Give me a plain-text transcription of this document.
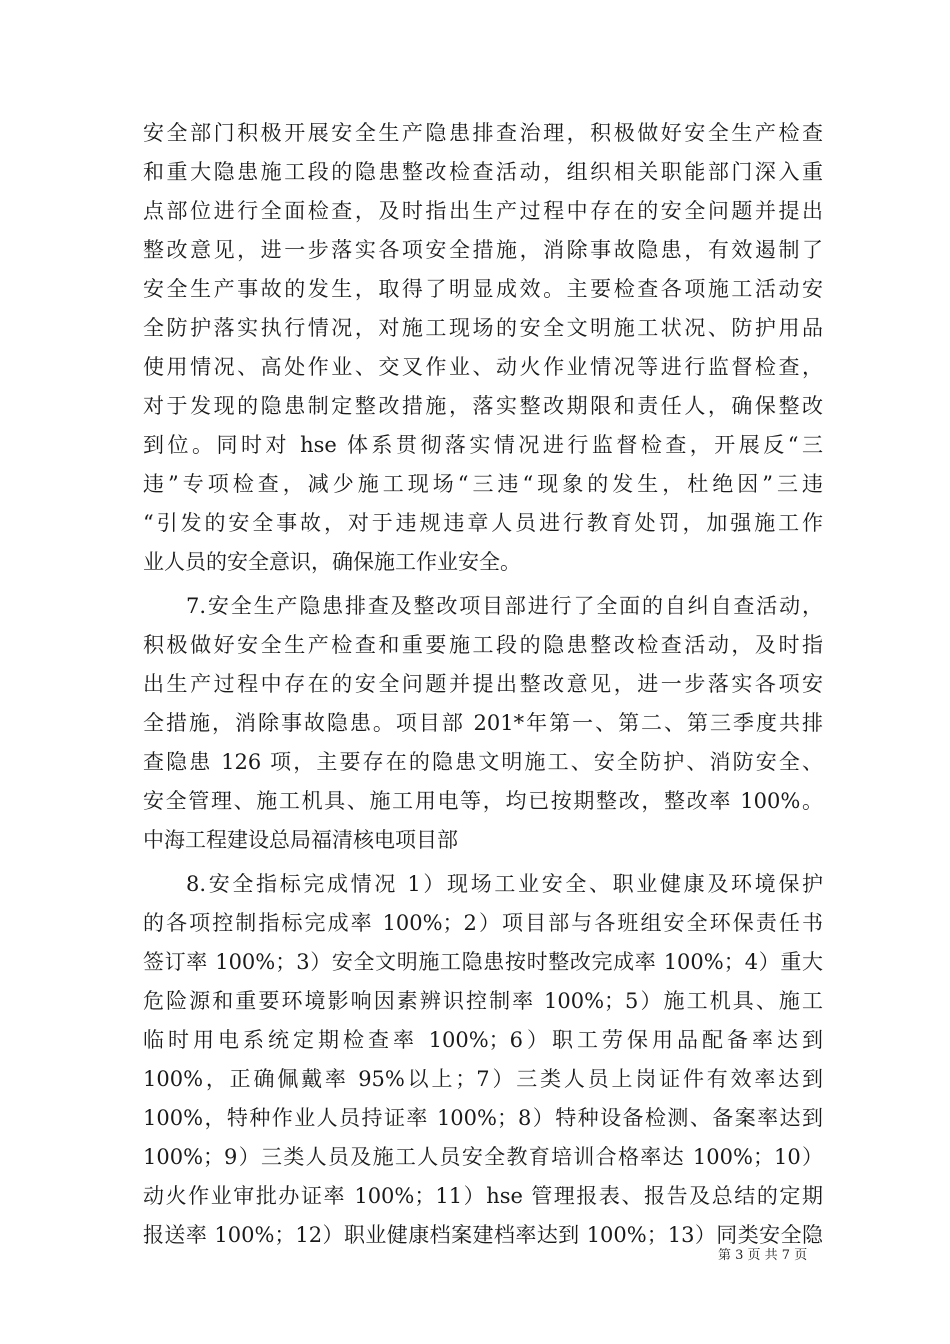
安全部门积极开展安全生产隐患排查治理，积极做好安全生产检查
和重大隐患施工段的隐患整改检查活动，组织相关职能部门深入重
点部位进行全面检查，及时指出生产过程中存在的安全问题并提出
整改意见，进一步落实各项安全措施，消除事故隐患，有效遏制了
安全生产事故的发生，取得了明显成效。主要检查各项施工活动安
全防护落实执行情况，对施工现场的安全文明施工状况、防护用品
使用情况、高处作业、交叉作业、动火作业情况等进行监督检查，
对于发现的隐患制定整改措施，落实整改期限和责任人，确保整改
到位。同时对 hse 体系贯彻落实情况进行监督检查，开展反“三
违”专项检查，减少施工现场“三违“现象的发生，杜绝因”三违
“引发的安全事故，对于违规违章人员进行教育处罚，加强施工作
业人员的安全意识，确保施工作业安全。
7.安全生产隐患排查及整改项目部进行了全面的自纠自查活动，
积极做好安全生产检查和重要施工段的隐患整改检查活动，及时指
出生产过程中存在的安全问题并提出整改意见，进一步落实各项安
全措施，消除事故隐患。项目部 201*年第一、第二、第三季度共排
查隐患 126 项，主要存在的隐患文明施工、安全防护、消防安全、
安全管理、施工机具、施工用电等，均已按期整改，整改率 100%。
中海工程建设总局福清核电项目部
8.安全指标完成情况 1）现场工业安全、职业健康及环境保护
的各项控制指标完成率 100%；2）项目部与各班组安全环保责任书
签订率 100%；3）安全文明施工隐患按时整改完成率 100%；4）重大
危险源和重要环境影响因素辨识控制率 100%；5）施工机具、施工
临时用电系统定期检查率 100%；6）职工劳保用品配备率达到
100%，正确佩戴率 95%以上；7）三类人员上岗证件有效率达到
100%，特种作业人员持证率 100%；8）特种设备检测、备案率达到
100%；9）三类人员及施工人员安全教育培训合格率达 100%；10）
动火作业审批办证率 100%；11）hse 管理报表、报告及总结的定期
报送率 100%；12）职业健康档案建档率达到 100%；13）同类安全隐
第 3 页 共 7 页
